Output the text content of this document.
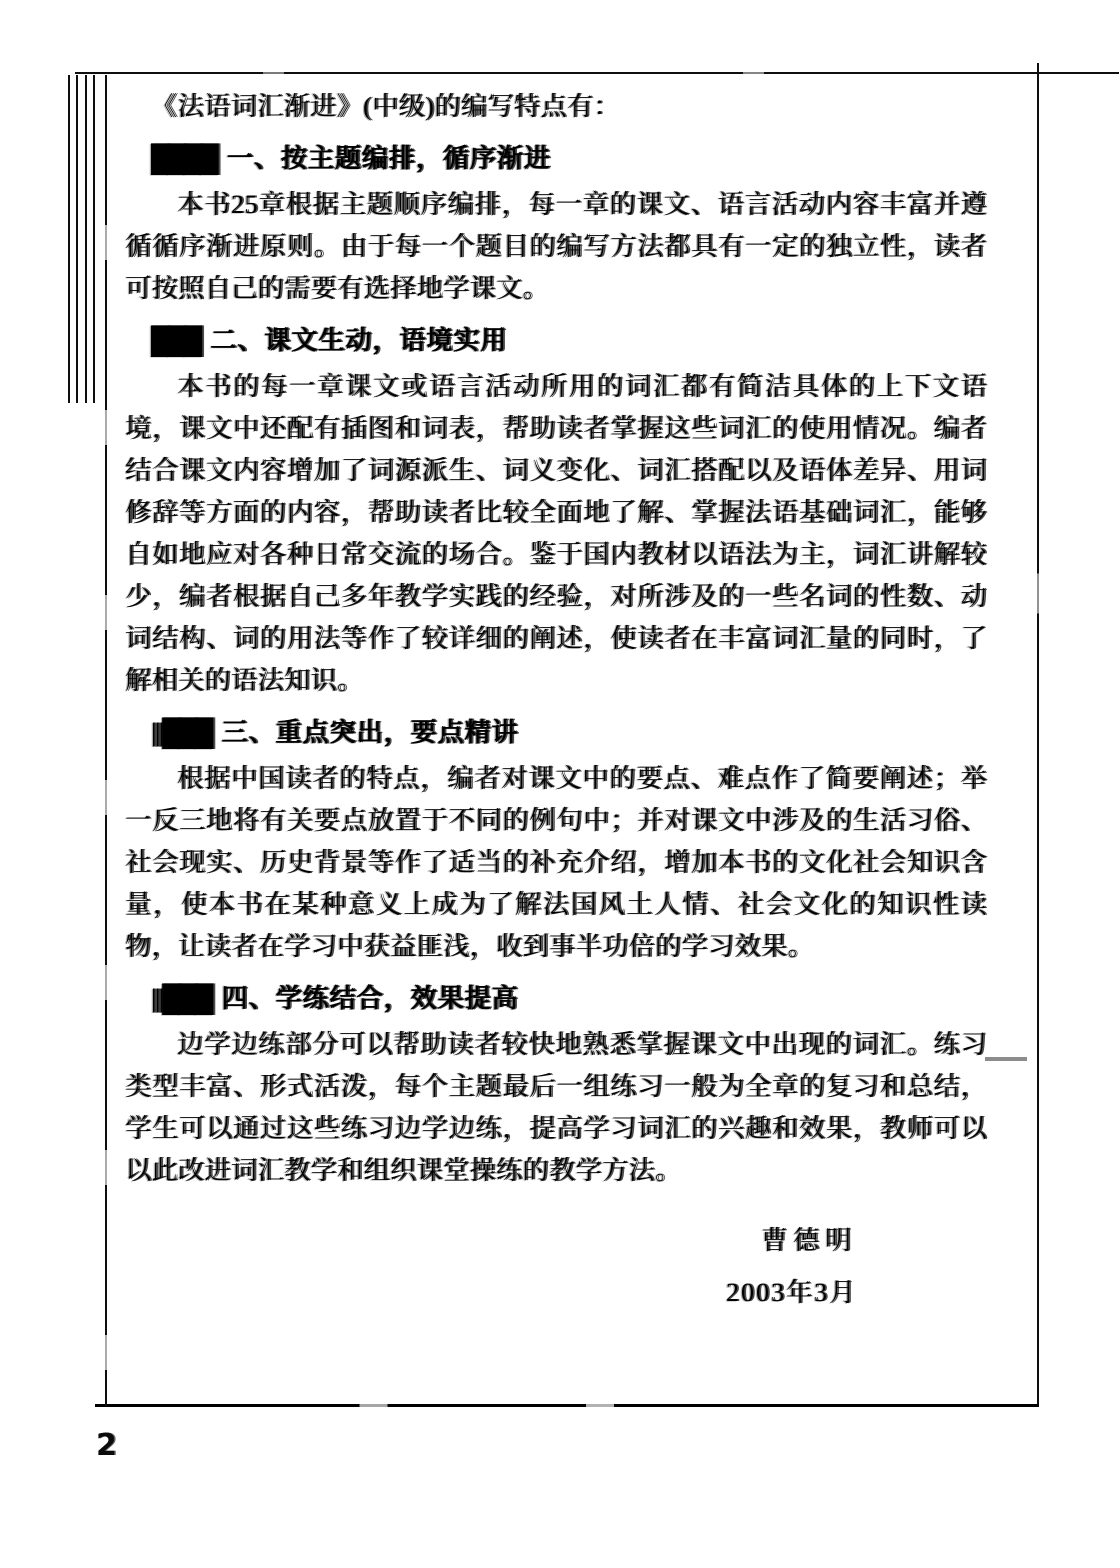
《法语词汇渐进》(中级)的编写特点有：

████ 一、按主题编排，循序渐进

本书25章根据主题顺序编排，每一章的课文、语言活动内容丰富并遵循循序渐进原则。由于每一个题目的编写方法都具有一定的独立性，读者可按照自己的需要有选择地学课文。

███ 二、课文生动，语境实用

本书的每一章课文或语言活动所用的词汇都有简洁具体的上下文语境，课文中还配有插图和词表，帮助读者掌握这些词汇的使用情况。编者结合课文内容增加了词源派生、词义变化、词汇搭配以及语体差异、用词修辞等方面的内容，帮助读者比较全面地了解、掌握法语基础词汇，能够自如地应对各种日常交流的场合。鉴于国内教材以语法为主，词汇讲解较少，编者根据自己多年教学实践的经验，对所涉及的一些名词的性数、动词结构、词的用法等作了较详细的阐述，使读者在丰富词汇量的同时，了解相关的语法知识。

|||███ 三、重点突出，要点精讲

根据中国读者的特点，编者对课文中的要点、难点作了简要阐述；举一反三地将有关要点放置于不同的例句中；并对课文中涉及的生活习俗、社会现实、历史背景等作了适当的补充介绍，增加本书的文化社会知识含量，使本书在某种意义上成为了解法国风土人情、社会文化的知识性读物，让读者在学习中获益匪浅，收到事半功倍的学习效果。

|||███ 四、学练结合，效果提高

边学边练部分可以帮助读者较快地熟悉掌握课文中出现的词汇。练习类型丰富、形式活泼，每个主题最后一组练习一般为全章的复习和总结，学生可以通过这些练习边学边练，提高学习词汇的兴趣和效果，教师可以以此改进词汇教学和组织课堂操练的教学方法。

曹德明

2003年3月

2
